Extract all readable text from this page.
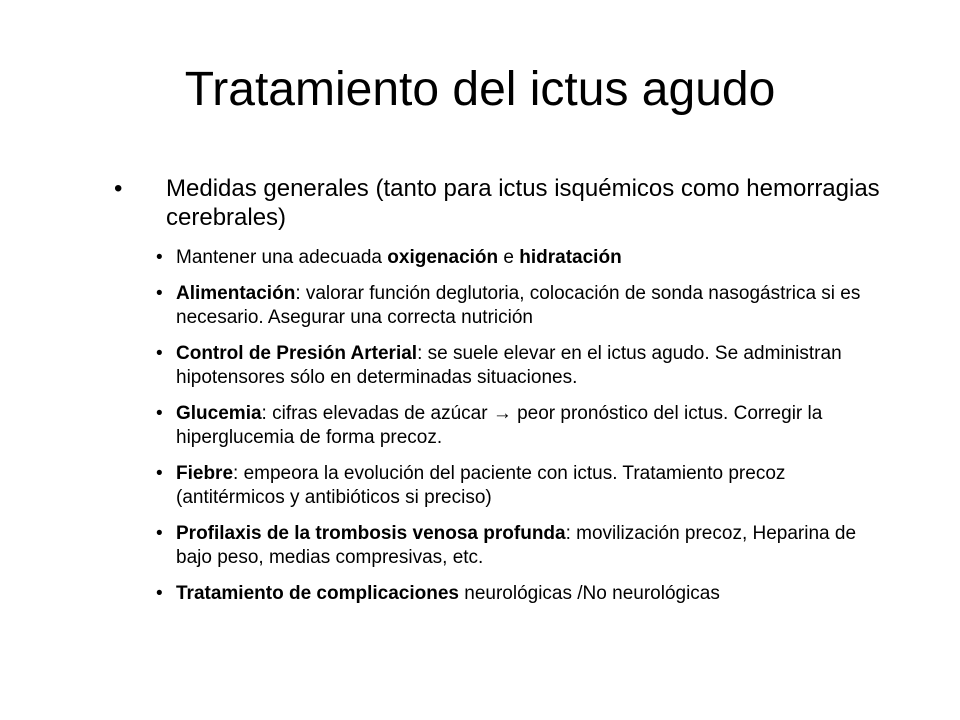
Tratamiento del ictus agudo
• Medidas generales (tanto para ictus isquémicos como hemorragias cerebrales)
• Mantener una adecuada oxigenación e hidratación
• Alimentación: valorar función deglutoria, colocación de sonda nasogástrica si es necesario. Asegurar una correcta nutrición
• Control de Presión Arterial: se suele elevar en el ictus agudo. Se administran hipotensores sólo en determinadas situaciones.
• Glucemia: cifras elevadas de azúcar → peor pronóstico del ictus. Corregir la hiperglucemia de forma precoz.
• Fiebre: empeora la evolución del paciente con ictus. Tratamiento precoz (antitérmicos y antibióticos si preciso)
• Profilaxis de la trombosis venosa profunda: movilización precoz, Heparina de bajo peso, medias compresivas, etc.
• Tratamiento de complicaciones neurológicas /No neurológicas
